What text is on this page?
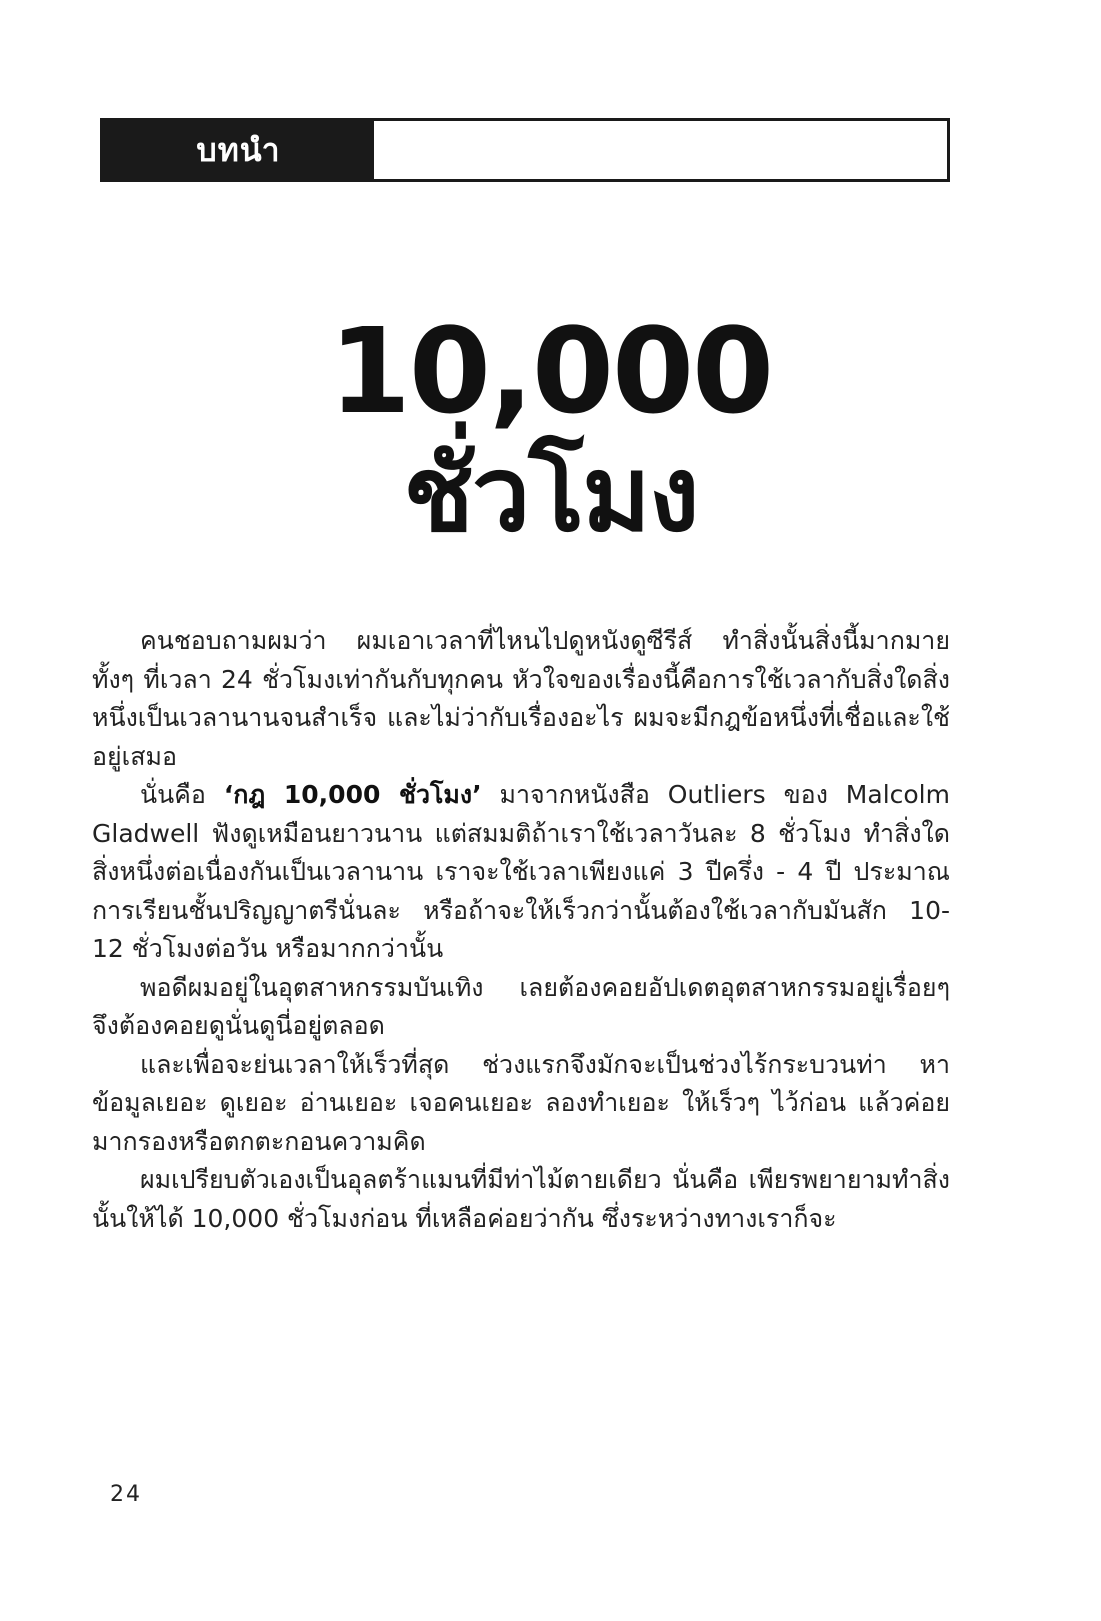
บทนำ
10,000
ชั่วโมง

คนชอบถามผมว่า ผมเอาเวลาที่ไหนไปดูหนังดูซีรีส์ ทำสิ่งนั้นสิ่งนี้มากมาย ทั้งๆ ที่เวลา 24 ชั่วโมงเท่ากันกับทุกคน หัวใจของเรื่องนี้คือการใช้เวลากับสิ่งใดสิ่งหนึ่งเป็นเวลานานจนสำเร็จ และไม่ว่ากับเรื่องอะไร ผมจะมีกฎข้อหนึ่งที่เชื่อและใช้อยู่เสมอ

นั่นคือ ‘กฎ 10,000 ชั่วโมง’ มาจากหนังสือ Outliers ของ Malcolm Gladwell ฟังดูเหมือนยาวนาน แต่สมมติถ้าเราใช้เวลาวันละ 8 ชั่วโมง ทำสิ่งใดสิ่งหนึ่งต่อเนื่องกันเป็นเวลานาน เราจะใช้เวลาเพียงแค่ 3 ปีครึ่ง - 4 ปี ประมาณการเรียนชั้นปริญญาตรีนั่นละ หรือถ้าจะให้เร็วกว่านั้นต้องใช้เวลากับมันสัก 10-12 ชั่วโมงต่อวัน หรือมากกว่านั้น

พอดีผมอยู่ในอุตสาหกรรมบันเทิง เลยต้องคอยอัปเดตอุตสาหกรรมอยู่เรื่อยๆ จึงต้องคอยดูนั่นดูนี่อยู่ตลอด

และเพื่อจะย่นเวลาให้เร็วที่สุด ช่วงแรกจึงมักจะเป็นช่วงไร้กระบวนท่า หาข้อมูลเยอะ ดูเยอะ อ่านเยอะ เจอคนเยอะ ลองทำเยอะ ให้เร็วๆ ไว้ก่อน แล้วค่อยมากรองหรือตกตะกอนความคิด

ผมเปรียบตัวเองเป็นอุลตร้าแมนที่มีท่าไม้ตายเดียว นั่นคือ เพียรพยายามทำสิ่งนั้นให้ได้ 10,000 ชั่วโมงก่อน ที่เหลือค่อยว่ากัน ซึ่งระหว่างทางเราก็จะ

24
